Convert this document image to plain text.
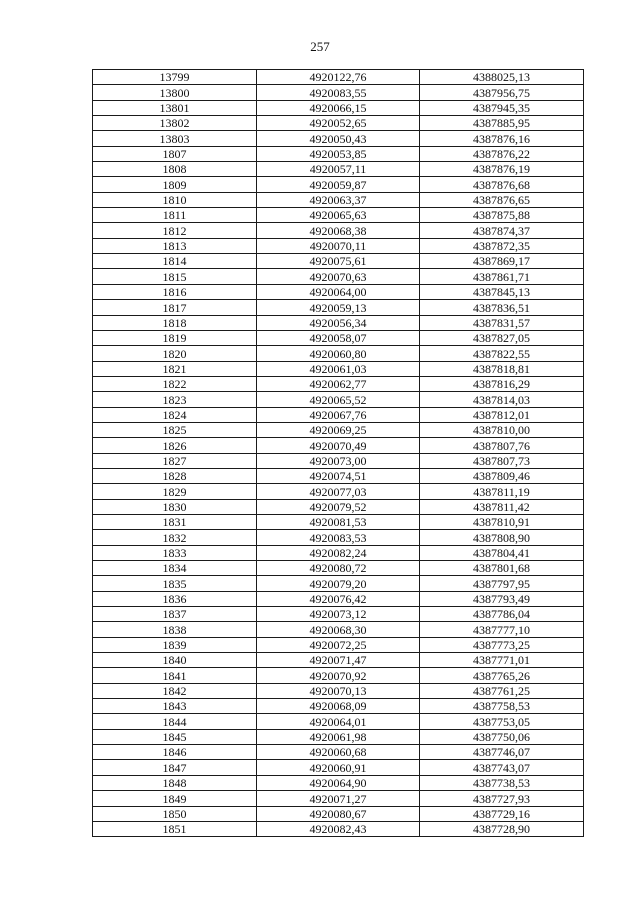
257
13799	4920122,76	4388025,13
13800	4920083,55	4387956,75
13801	4920066,15	4387945,35
13802	4920052,65	4387885,95
13803	4920050,43	4387876,16
1807	4920053,85	4387876,22
1808	4920057,11	4387876,19
1809	4920059,87	4387876,68
1810	4920063,37	4387876,65
1811	4920065,63	4387875,88
1812	4920068,38	4387874,37
1813	4920070,11	4387872,35
1814	4920075,61	4387869,17
1815	4920070,63	4387861,71
1816	4920064,00	4387845,13
1817	4920059,13	4387836,51
1818	4920056,34	4387831,57
1819	4920058,07	4387827,05
1820	4920060,80	4387822,55
1821	4920061,03	4387818,81
1822	4920062,77	4387816,29
1823	4920065,52	4387814,03
1824	4920067,76	4387812,01
1825	4920069,25	4387810,00
1826	4920070,49	4387807,76
1827	4920073,00	4387807,73
1828	4920074,51	4387809,46
1829	4920077,03	4387811,19
1830	4920079,52	4387811,42
1831	4920081,53	4387810,91
1832	4920083,53	4387808,90
1833	4920082,24	4387804,41
1834	4920080,72	4387801,68
1835	4920079,20	4387797,95
1836	4920076,42	4387793,49
1837	4920073,12	4387786,04
1838	4920068,30	4387777,10
1839	4920072,25	4387773,25
1840	4920071,47	4387771,01
1841	4920070,92	4387765,26
1842	4920070,13	4387761,25
1843	4920068,09	4387758,53
1844	4920064,01	4387753,05
1845	4920061,98	4387750,06
1846	4920060,68	4387746,07
1847	4920060,91	4387743,07
1848	4920064,90	4387738,53
1849	4920071,27	4387727,93
1850	4920080,67	4387729,16
1851	4920082,43	4387728,90
